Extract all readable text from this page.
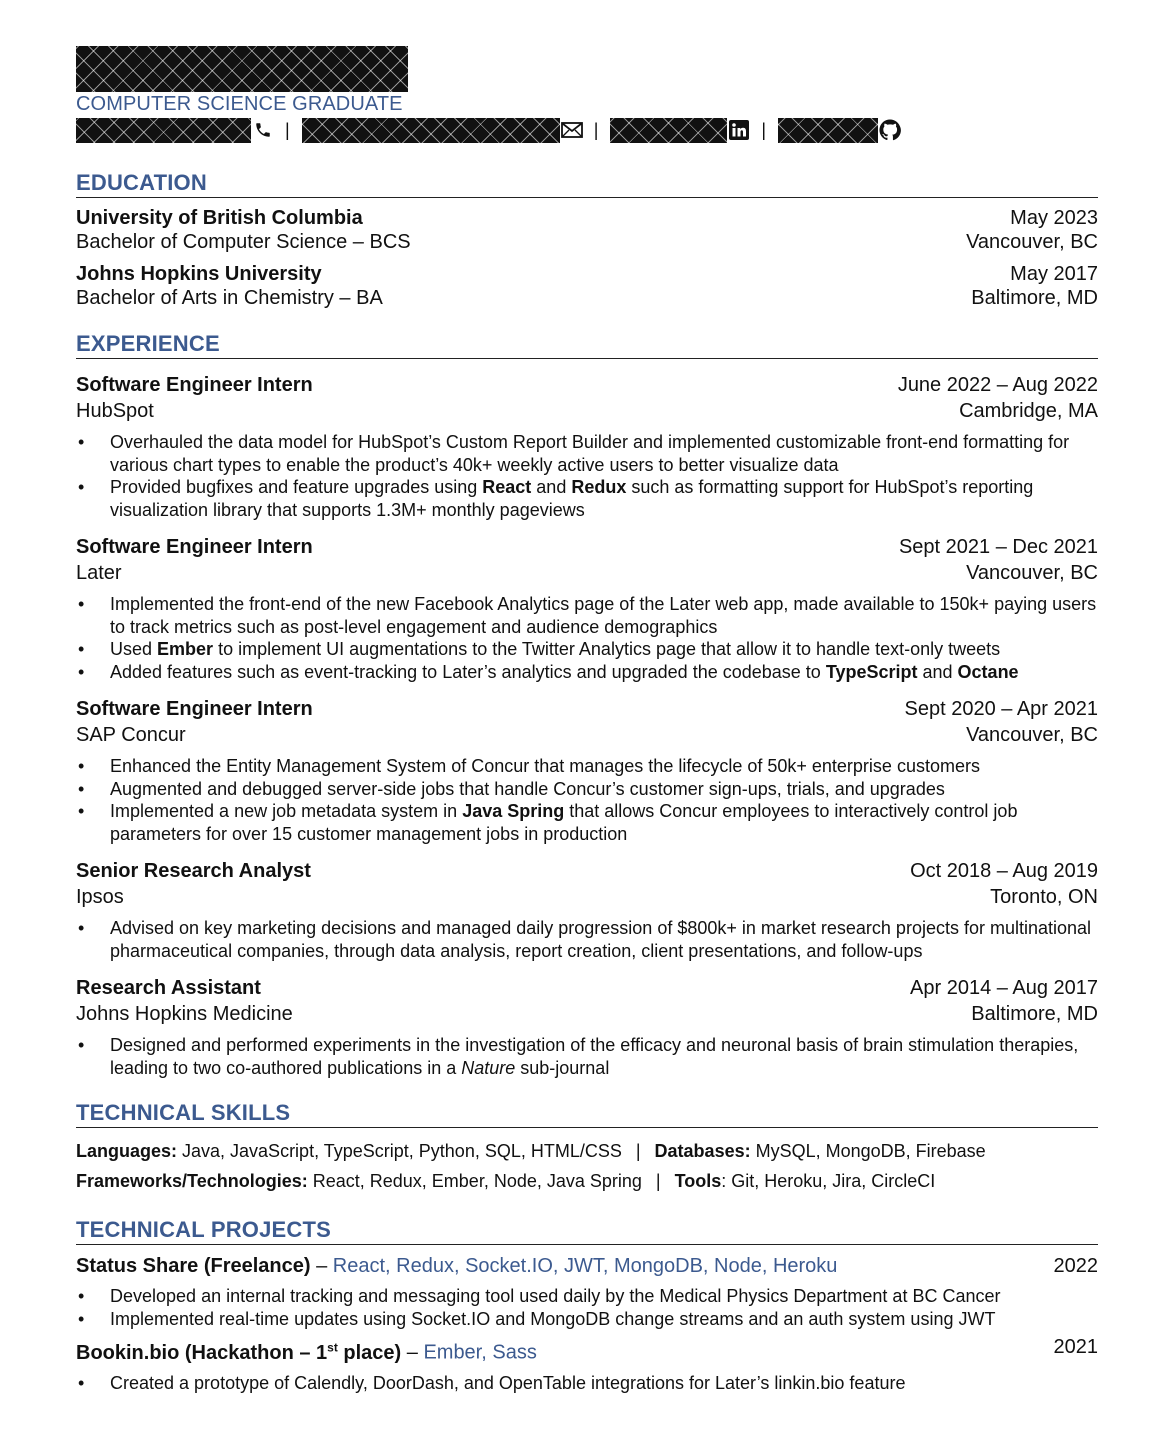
COMPUTER SCIENCE GRADUATE
|	|	|
EDUCATION
University of British Columbia	May 2023
Bachelor of Computer Science – BCS	Vancouver, BC
Johns Hopkins University	May 2017
Bachelor of Arts in Chemistry – BA	Baltimore, MD
EXPERIENCE
Software Engineer Intern	June 2022 – Aug 2022
HubSpot	Cambridge, MA
• Overhauled the data model for HubSpot’s Custom Report Builder and implemented customizable front-end formatting for various chart types to enable the product’s 40k+ weekly active users to better visualize data
• Provided bugfixes and feature upgrades using React and Redux such as formatting support for HubSpot’s reporting visualization library that supports 1.3M+ monthly pageviews
Software Engineer Intern	Sept 2021 – Dec 2021
Later	Vancouver, BC
• Implemented the front-end of the new Facebook Analytics page of the Later web app, made available to 150k+ paying users to track metrics such as post-level engagement and audience demographics
• Used Ember to implement UI augmentations to the Twitter Analytics page that allow it to handle text-only tweets
• Added features such as event-tracking to Later’s analytics and upgraded the codebase to TypeScript and Octane
Software Engineer Intern	Sept 2020 – Apr 2021
SAP Concur	Vancouver, BC
• Enhanced the Entity Management System of Concur that manages the lifecycle of 50k+ enterprise customers
• Augmented and debugged server-side jobs that handle Concur’s customer sign-ups, trials, and upgrades
• Implemented a new job metadata system in Java Spring that allows Concur employees to interactively control job parameters for over 15 customer management jobs in production
Senior Research Analyst	Oct 2018 – Aug 2019
Ipsos	Toronto, ON
• Advised on key marketing decisions and managed daily progression of $800k+ in market research projects for multinational pharmaceutical companies, through data analysis, report creation, client presentations, and follow-ups
Research Assistant	Apr 2014 – Aug 2017
Johns Hopkins Medicine	Baltimore, MD
• Designed and performed experiments in the investigation of the efficacy and neuronal basis of brain stimulation therapies, leading to two co-authored publications in a Nature sub-journal
TECHNICAL SKILLS
Languages: Java, JavaScript, TypeScript, Python, SQL, HTML/CSS | Databases: MySQL, MongoDB, Firebase
Frameworks/Technologies: React, Redux, Ember, Node, Java Spring | Tools: Git, Heroku, Jira, CircleCI
TECHNICAL PROJECTS
Status Share (Freelance) – React, Redux, Socket.IO, JWT, MongoDB, Node, Heroku	2022
• Developed an internal tracking and messaging tool used daily by the Medical Physics Department at BC Cancer
• Implemented real-time updates using Socket.IO and MongoDB change streams and an auth system using JWT
Bookin.bio (Hackathon – 1st place) – Ember, Sass	2021
• Created a prototype of Calendly, DoorDash, and OpenTable integrations for Later’s linkin.bio feature
